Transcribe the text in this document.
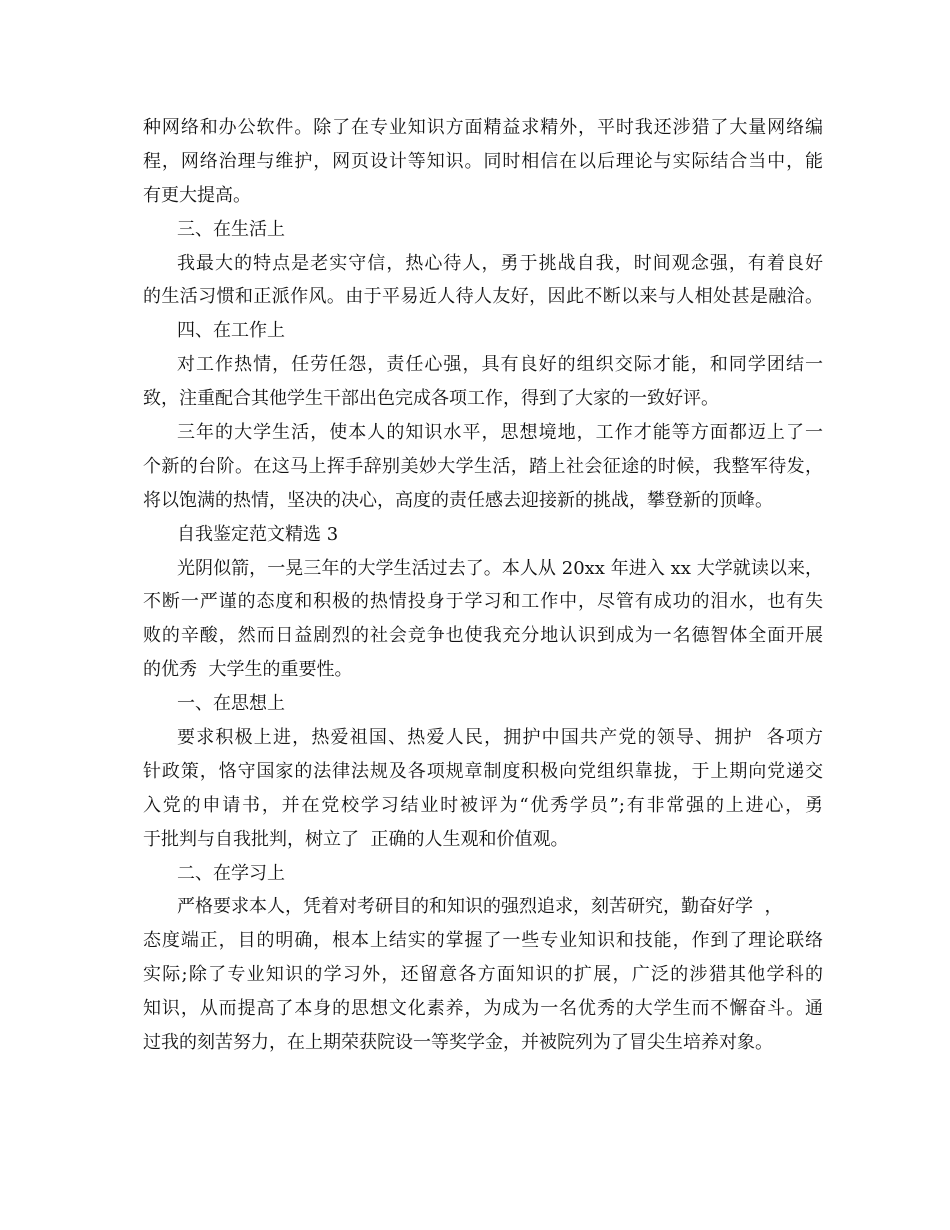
种网络和办公软件。除了在专业知识方面精益求精外，平时我还涉猎了大量网络编
程，网络治理与维护，网页设计等知识。同时相信在以后理论与实际结合当中，能
有更大提高。
三、在生活上
我最大的特点是老实守信，热心待人，勇于挑战自我，时间观念强，有着良好
的生活习惯和正派作风。由于平易近人待人友好，因此不断以来与人相处甚是融洽。
四、在工作上
对工作热情，任劳任怨，责任心强，具有良好的组织交际才能，和同学团结一
致，注重配合其他学生干部出色完成各项工作，得到了大家的一致好评。
三年的大学生活，使本人的知识水平，思想境地，工作才能等方面都迈上了一
个新的台阶。在这马上挥手辞别美妙大学生活，踏上社会征途的时候，我整军待发，
将以饱满的热情，坚决的决心，高度的责任感去迎接新的挑战，攀登新的顶峰。
自我鉴定范文精选 3
光阴似箭，一晃三年的大学生活过去了。本人从 20xx 年进入 xx 大学就读以来，
不断一严谨的态度和积极的热情投身于学习和工作中，尽管有成功的泪水，也有失
败的辛酸，然而日益剧烈的社会竞争也使我充分地认识到成为一名德智体全面开展
的优秀  大学生的重要性。
一、在思想上
要求积极上进，热爱祖国、热爱人民，拥护中国共产党的领导、拥护  各项方
针政策，恪守国家的法律法规及各项规章制度积极向党组织靠拢，于上期向党递交
入党的申请书，并在党校学习结业时被评为“优秀学员”;有非常强的上进心，勇
于批判与自我批判，树立了  正确的人生观和价值观。
二、在学习上
严格要求本人，凭着对考研目的和知识的强烈追求，刻苦研究，勤奋好学  ，
态度端正，目的明确，根本上结实的掌握了一些专业知识和技能，作到了理论联络
实际;除了专业知识的学习外，还留意各方面知识的扩展，广泛的涉猎其他学科的
知识，从而提高了本身的思想文化素养，为成为一名优秀的大学生而不懈奋斗。通
过我的刻苦努力，在上期荣获院设一等奖学金，并被院列为了冒尖生培养对象。
